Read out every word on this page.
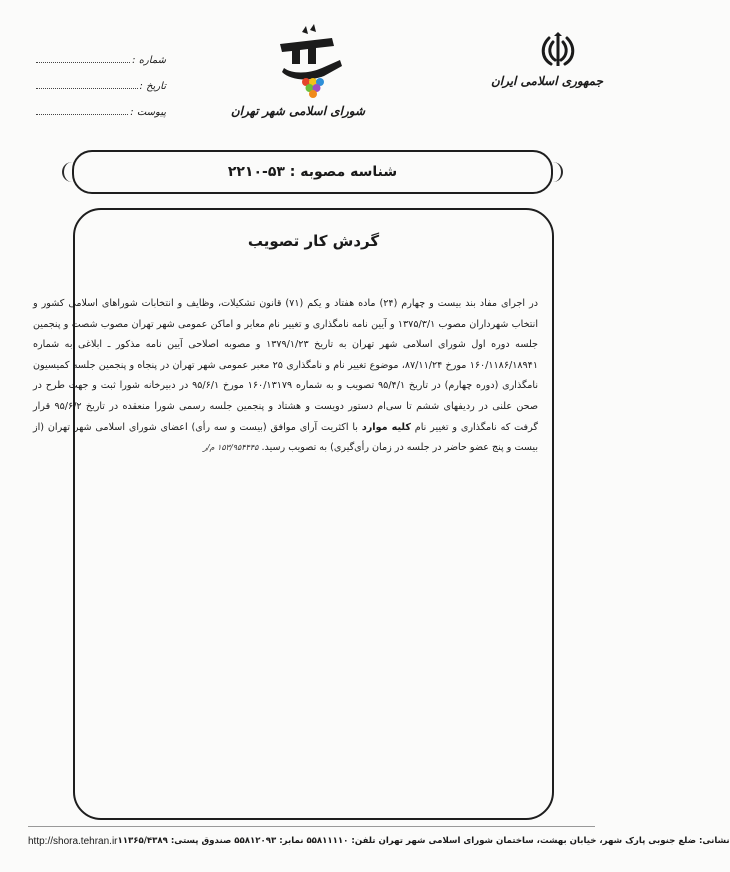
جمهوری اسلامی ایران
شورای اسلامی شهر تهران
شماره :
تاریخ :
پیوست :
شناسه مصوبه : ۵۳-۲۲۱۰
گردش کار تصویب
در اجرای مفاد بند بیست و چهارم (۲۴) ماده هفتاد و یکم (۷۱) قانون تشکیلات، وظایف و انتخابات شوراهای اسلامی کشور و انتخاب شهرداران مصوب ۱۳۷۵/۳/۱ و آیین نامه نامگذاری و تغییر نام معابر و اماکن عمومی شهر تهران مصوب شصت و پنجمین جلسه دوره اول شورای اسلامی شهر تهران به تاریخ ۱۳۷۹/۱/۲۳ و مصوبه اصلاحی آیین نامه مذکور ـ ابلاغی به شماره ۱۶۰/۱۱۸۶/۱۸۹۴۱ مورخ ۸۷/۱۱/۲۴، موضوع تغییر نام و نامگذاری ۲۵ معبر عمومی شهر تهران در پنجاه و پنجمین جلسه کمیسیون نامگذاری (دوره چهارم) در تاریخ ۹۵/۴/۱ تصویب و به شماره ۱۶۰/۱۳۱۷۹ مورخ ۹۵/۶/۱ در دبیرخانه شورا ثبت و جهت طرح در صحن علنی در ردیفهای ششم تا سی‌ام دستور دویست و هشتاد و پنجمین جلسه رسمی شورا منعقده در تاریخ ۹۵/۶/۲ قرار گرفت که نامگذاری و تغییر نام کلیه موارد با اکثریت آرای موافق (بیست و سه رأی) اعضای شورای اسلامی شهر تهران (از بیست و پنج عضو حاضر در جلسه در زمان رأی‌گیری) به تصویب رسید. ۱۵۳/۹۵۴۴۴۵ م/ر
http://shora.tehran.ir نشانی: ضلع جنوبی پارک شهر، خیابان بهشت، ساختمان شورای اسلامی شهر تهران تلفن: ۵۵۸۱۱۱۱۰ نمابر: ۵۵۸۱۲۰۹۳ صندوق پستی: ۱۱۳۶۵/۴۳۸۹
